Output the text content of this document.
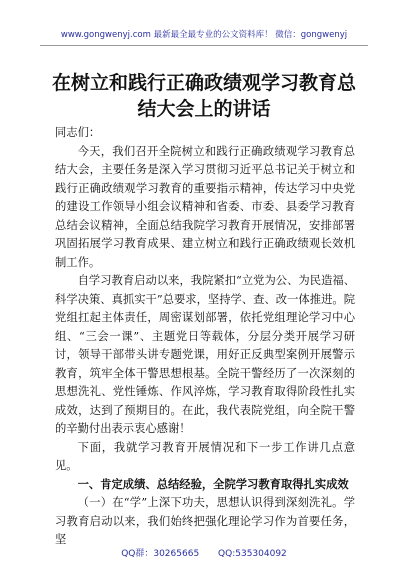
www.gongwenyj.com 最新最全最专业的公文资料库！ 微信：gongwenyj
在树立和践行正确政绩观学习教育总结大会上的讲话

同志们：

今天，我们召开全院树立和践行正确政绩观学习教育总结大会，主要任务是深入学习贯彻习近平总书记关于树立和践行正确政绩观学习教育的重要指示精神，传达学习中央党的建设工作领导小组会议精神和省委、市委、县委学习教育总结会议精神，全面总结我院学习教育开展情况，安排部署巩固拓展学习教育成果、建立树立和践行正确政绩观长效机制工作。

自学习教育启动以来，我院紧扣“立党为公、为民造福、科学决策、真抓实干”总要求，坚持学、查、改一体推进。院党组扛起主体责任，周密谋划部署，依托党组理论学习中心组、“三会一课”、主题党日等载体，分层分类开展学习研讨，领导干部带头讲专题党课，用好正反典型案例开展警示教育，筑牢全体干警思想根基。全院干警经历了一次深刻的思想洗礼、党性锤炼、作风淬炼，学习教育取得阶段性扎实成效，达到了预期目的。在此，我代表院党组，向全院干警的辛勤付出表示衷心感谢！

下面，我就学习教育开展情况和下一步工作讲几点意见。

一、肯定成绩、总结经验，全院学习教育取得扎实成效

（一）在“学”上深下功夫，思想认识得到深刻洗礼。学习教育启动以来，我们始终把强化理论学习作为首要任务，坚

QQ群：30265665 QQ:535304092
